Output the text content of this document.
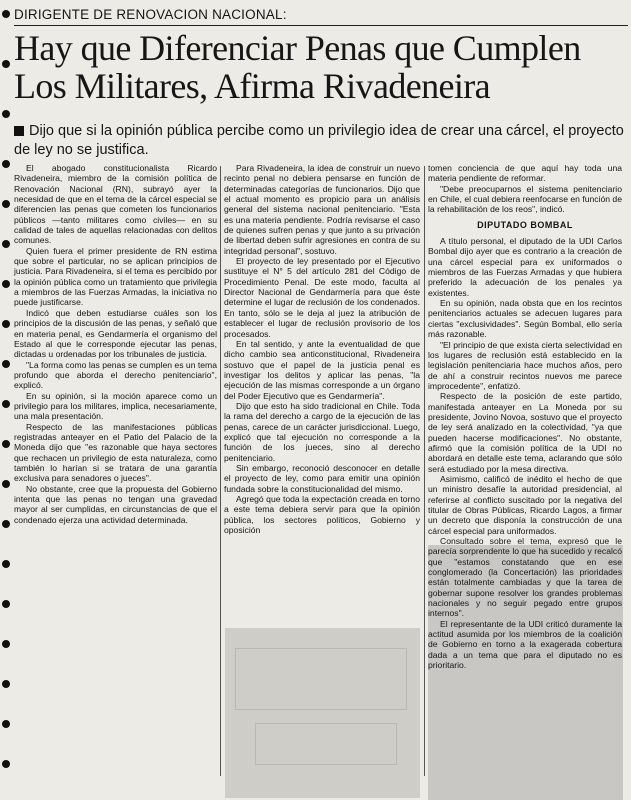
DIRIGENTE DE RENOVACION NACIONAL:
Hay que Diferenciar Penas que Cumplen Los Militares, Afirma Rivadeneira
Dijo que si la opinión pública percibe como un privilegio idea de crear una cárcel, el proyecto de ley no se justifica.

El abogado constitucionalista Ricardo Rivadeneira, miembro de la comisión política de Renovación Nacional (RN), subrayó ayer la necesidad de que en el tema de la cárcel especial se diferencien las penas que cometen los funcionarios públicos —tanto militares como civiles— en su calidad de tales de aquellas relacionadas con delitos comunes.

Quien fuera el primer presidente de RN estima que sobre el particular, no se aplican principios de justicia. Para Rivadeneira, si el tema es percibido por la opinión pública como un tratamiento que privilegia a miembros de las Fuerzas Armadas, la iniciativa no puede justificarse.

Indicó que deben estudiarse cuáles son los principios de la discusión de las penas, y señaló que en materia penal, es Gendarmería el organismo del Estado al que le corresponde ejecutar las penas, dictadas u ordenadas por los tribunales de justicia.

"La forma como las penas se cumplen es un tema profundo que aborda el derecho penitenciario", explicó.

En su opinión, si la moción aparece como un privilegio para los militares, implica, necesariamente, una mala presentación.

Respecto de las manifestaciones públicas registradas anteayer en el Patio del Palacio de la Moneda dijo que "es razonable que haya sectores que rechacen un privilegio de esta naturaleza, como también lo harían si se tratara de una garantía exclusiva para senadores o jueces".

No obstante, cree que la propuesta del Gobierno intenta que las penas no tengan una gravedad mayor al ser cumplidas, en circunstancias de que el condenado ejerza una actividad determinada.

Para Rivadeneira, la idea de construir un nuevo recinto penal no debiera pensarse en función de determinadas categorías de funcionarios. Dijo que el actual momento es propicio para un análisis general del sistema nacional penitenciario. "Esta es una materia pendiente. Podría revisarse el caso de quienes sufren penas y que junto a su privación de libertad deben sufrir agresiones en contra de su integridad personal", sostuvo.

El proyecto de ley presentado por el Ejecutivo sustituye el N° 5 del artículo 281 del Código de Procedimiento Penal. De este modo, faculta al Director Nacional de Gendarmería para que éste determine el lugar de reclusión de los condenados. En tanto, sólo se le deja al juez la atribución de establecer el lugar de reclusión provisorio de los procesados.

En tal sentido, y ante la eventualidad de que dicho cambio sea anticonstitucional, Rivadeneira sostuvo que el papel de la justicia penal es investigar los delitos y aplicar las penas, "la ejecución de las mismas corresponde a un órgano del Poder Ejecutivo que es Gendarmería".

Dijo que esto ha sido tradicional en Chile. Toda la rama del derecho a cargo de la ejecución de las penas, carece de un carácter jurisdiccional. Luego, explicó que tal ejecución no corresponde a la función de los jueces, sino al derecho penitenciario.

Sin embargo, reconoció desconocer en detalle el proyecto de ley, como para emitir una opinión fundada sobre la constitucionalidad del mismo.

Agregó que toda la expectación creada en torno a este tema debiera servir para que la opinión pública, los sectores políticos, Gobierno y oposición

tomen conciencia de que aquí hay toda una materia pendiente de reformar.

"Debe preocuparnos el sistema penitenciario en Chile, el cual debiera reenfocarse en función de la rehabilitación de los reos", indicó.

DIPUTADO BOMBAL

A título personal, el diputado de la UDI Carlos Bombal dijo ayer que es contrario a la creación de una cárcel especial para ex uniformados o miembros de las Fuerzas Armadas y que hubiera preferido la adecuación de los penales ya existentes.

En su opinión, nada obsta que en los recintos penitenciarios actuales se adecuen lugares para ciertas "exclusividades". Según Bombal, ello sería más razonable.

"El principio de que exista cierta selectividad en los lugares de reclusión está establecido en la legislación penitenciaria hace muchos años, pero de ahí a construir recintos nuevos me parece improcedente", enfatizó.

Respecto de la posición de este partido, manifestada anteayer en La Moneda por su presidente, Jovino Novoa, sostuvo que el proyecto de ley será analizado en la colectividad, "ya que pueden hacerse modificaciones". No obstante, afirmó que la comisión política de la UDI no abordará en detalle este tema, aclarando que sólo será estudiado por la mesa directiva.

Asimismo, calificó de inédito el hecho de que un ministro desafíe la autoridad presidencial, al referirse al conflicto suscitado por la negativa del titular de Obras Públicas, Ricardo Lagos, a firmar un decreto que disponía la construcción de una cárcel especial para uniformados.

Consultado sobre el tema, expresó que le parecía sorprendente lo que ha sucedido y recalcó que "estamos constatando que en ese conglomerado (la Concertación) las prioridades están totalmente cambiadas y que la tarea de gobernar supone resolver los grandes problemas nacionales y no seguir pegado entre grupos internos".

El representante de la UDI criticó duramente la actitud asumida por los miembros de la coalición de Gobierno en torno a la exagerada cobertura dada a un tema que para el diputado no es prioritario.
